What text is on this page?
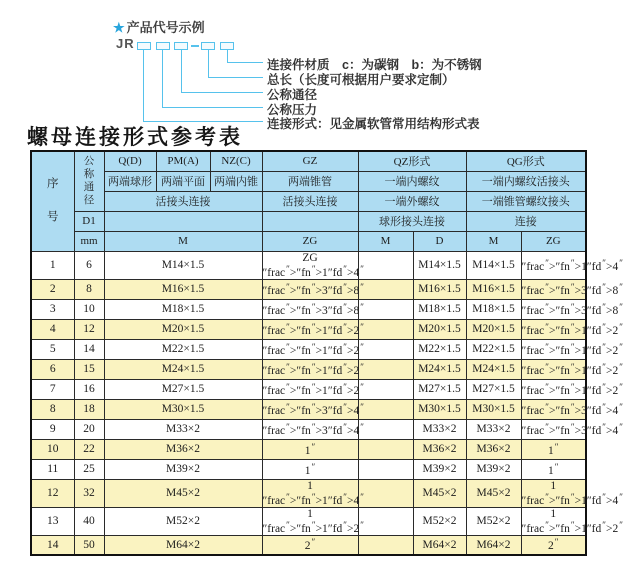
★ 产品代号示例
JR
连接件材质　c：为碳钢　b：为不锈钢
总长（长度可根据用户要求定制）
公称通径
公称压力
连接形式：见金属软管常用结构形式表
螺母连接形式参考表
序号	公称通径	Q(D)	PM(A)	NZ(C)	GZ	QZ形式		QG形式	
		两端球形	两端平面	两端内锥	两端锥管	一端内螺纹		一端内螺纹活接头	
		活接头连接			活接头连接	一端外螺纹		一端锥管螺纹接头	
	D1					球形接头连接		连接	
	mm	M			ZG	M	D	M	ZG
1	6	M14×1.5			ZG ″frac″>″fn″>1″fd″>4″		M14×1.5	M14×1.5	″frac″>″fn″>1″fd″>4″
2	8	M16×1.5			″frac″>″fn″>3″fd″>8″		M16×1.5	M16×1.5	″frac″>″fn″>3″fd″>8″
3	10	M18×1.5			″frac″>″fn″>3″fd″>8″		M18×1.5	M18×1.5	″frac″>″fn″>3″fd″>8″
4	12	M20×1.5			″frac″>″fn″>1″fd″>2″		M20×1.5	M20×1.5	″frac″>″fn″>1″fd″>2″
5	14	M22×1.5			″frac″>″fn″>1″fd″>2″		M22×1.5	M22×1.5	″frac″>″fn″>1″fd″>2″
6	15	M24×1.5			″frac″>″fn″>1″fd″>2″		M24×1.5	M24×1.5	″frac″>″fn″>1″fd″>2″
7	16	M27×1.5			″frac″>″fn″>1″fd″>2″		M27×1.5	M27×1.5	″frac″>″fn″>1″fd″>2″
8	18	M30×1.5			″frac″>″fn″>3″fd″>4″		M30×1.5	M30×1.5	″frac″>″fn″>3″fd″>4″
9	20	M33×2			″frac″>″fn″>3″fd″>4″		M33×2	M33×2	″frac″>″fn″>3″fd″>4″
10	22	M36×2			1″		M36×2	M36×2	1″
11	25	M39×2			1″		M39×2	M39×2	1″
12	32	M45×2			1 ″frac″>″fn″>1″fd″>4″		M45×2	M45×2	1 ″frac″>″fn″>1″fd″>4″
13	40	M52×2			1 ″frac″>″fn″>1″fd″>2″		M52×2	M52×2	1 ″frac″>″fn″>1″fd″>2″
14	50	M64×2			2″		M64×2	M64×2	2″
